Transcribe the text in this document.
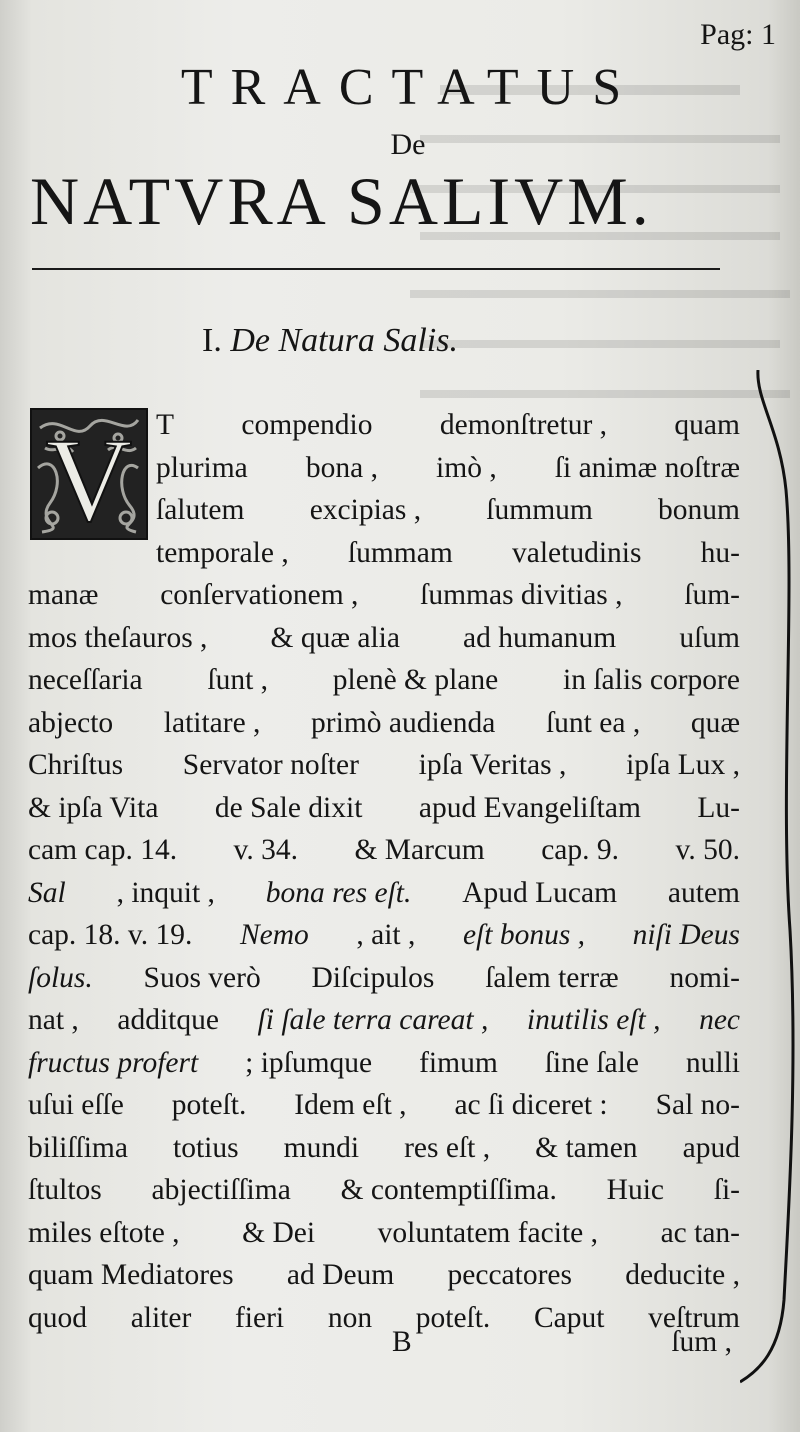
Pag: 1
TRACTATUS
De
NATVRA SALIVM.
I. De Natura Salis.
V T compendio demonſtretur , quam
plurima bona , imò , ſi animæ noſtræ
ſalutem excipias , ſummum bonum
temporale , ſummam valetudinis hu-
manæ conſervationem , ſummas divitias , ſum-
mos theſauros , & quæ alia ad humanum uſum
neceſſaria ſunt , plenè & plane in ſalis corpore
abjecto latitare , primò audienda ſunt ea , quæ
Chriſtus Servator noſter ipſa Veritas , ipſa Lux ,
& ipſa Vita de Sale dixit apud Evangeliſtam Lu-
cam cap. 14. v. 34. & Marcum cap. 9. v. 50.
Sal , inquit , bona res eſt. Apud Lucam autem
cap. 18. v. 19. Nemo , ait , eſt bonus , niſi Deus
ſolus. Suos verò Diſcipulos ſalem terræ nomi-
nat , additque ſi ſale terra careat , inutilis eſt , nec
fructus profert ; ipſumque fimum ſine ſale nulli
uſui eſſe poteſt. Idem eſt , ac ſi diceret : Sal no-
biliſſima totius mundi res eſt , & tamen apud
ſtultos abjectiſſima & contemptiſſima. Huic ſi-
miles eſtote , & Dei voluntatem facite , ac tan-
quam Mediatores ad Deum peccatores deducite ,
quod aliter fieri non poteſt. Caput veſtrum
B	ſum ,
